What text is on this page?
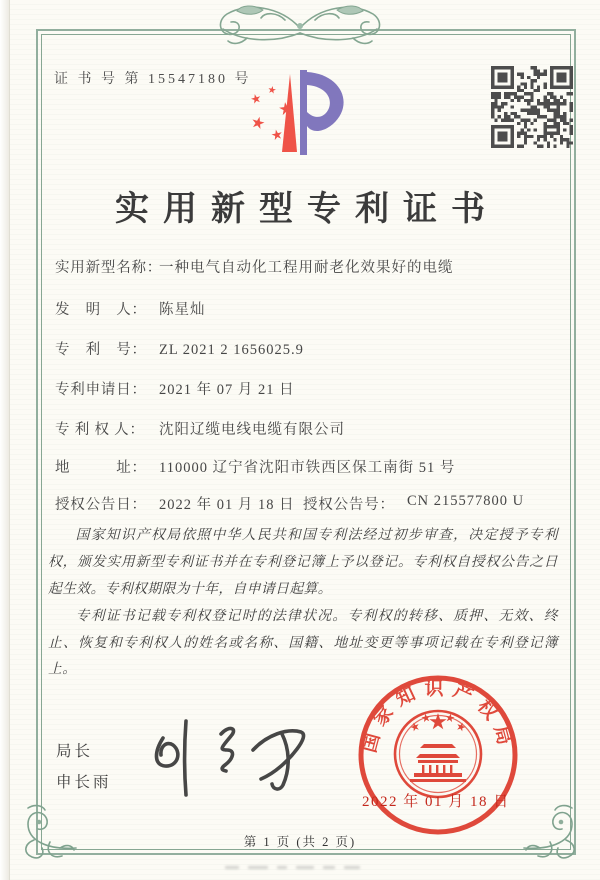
证 书 号 第 15547180 号
实用新型专利证书
实用新型名称：一种电气自动化工程用耐老化效果好的电缆
发　明　人： 陈星灿
专　利　号： ZL 2021 2 1656025.9
专利申请日： 2021 年 07 月 21 日
专 利 权 人： 沈阳辽缆电线电缆有限公司
地　　　址： 110000 辽宁省沈阳市铁西区保工南街 51 号
授权公告日： 2022 年 01 月 18 日 授权公告号： CN 215577800 U

国家知识产权局依照中华人民共和国专利法经过初步审查，决定授予专利权，颁发实用新型专利证书并在专利登记簿上予以登记。专利权自授权公告之日起生效。专利权期限为十年，自申请日起算。

专利证书记载专利权登记时的法律状况。专利权的转移、质押、无效、终止、恢复和专利权人的姓名或名称、国籍、地址变更等事项记载在专利登记簿上。

局长
申长雨
国家知识产权局
2022 年 01 月 18 日
第 1 页 (共 2 页)
